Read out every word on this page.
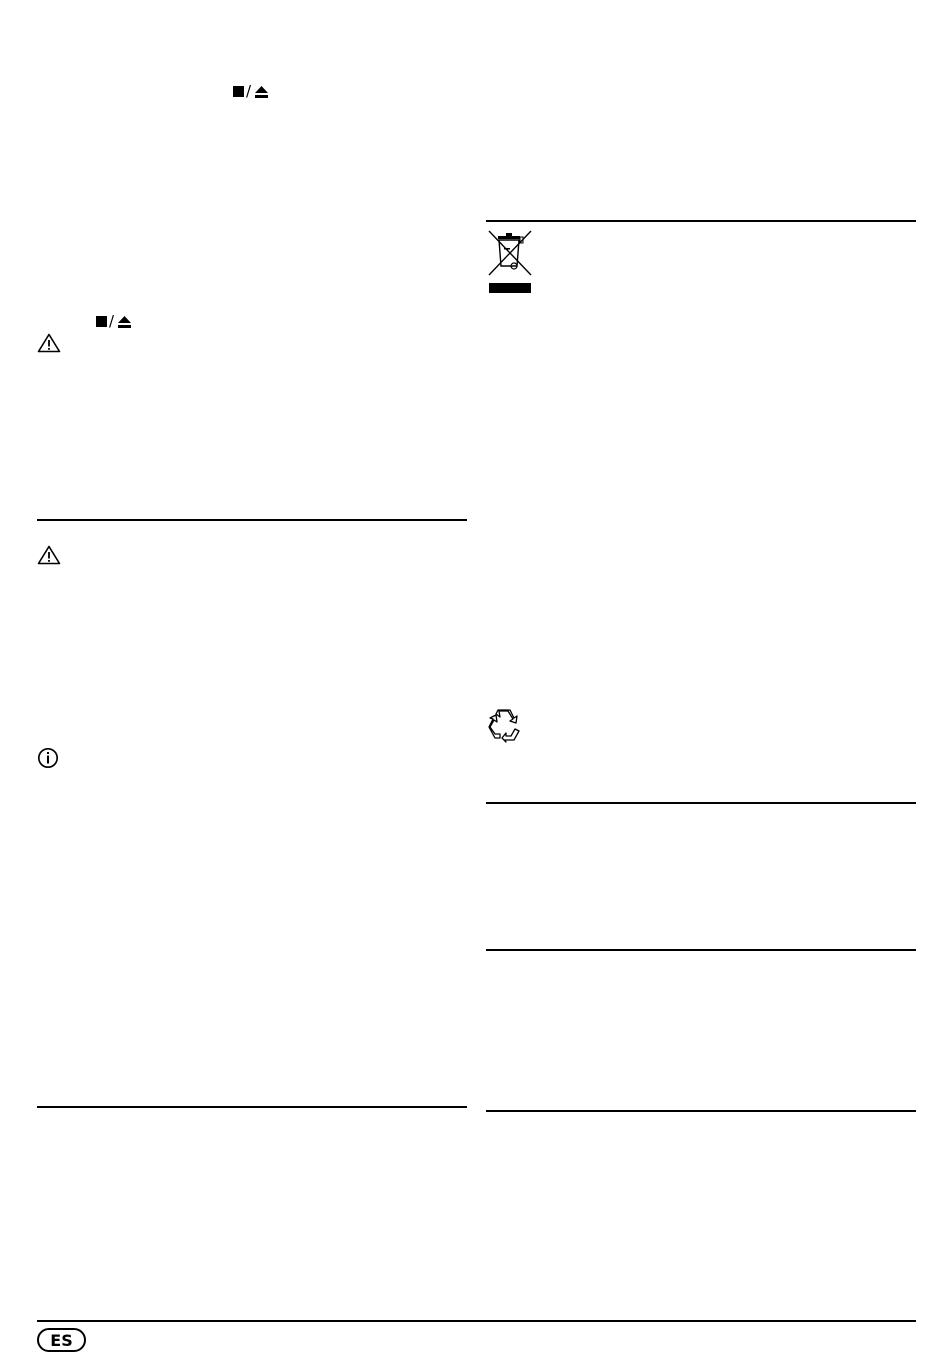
/
/
ES
